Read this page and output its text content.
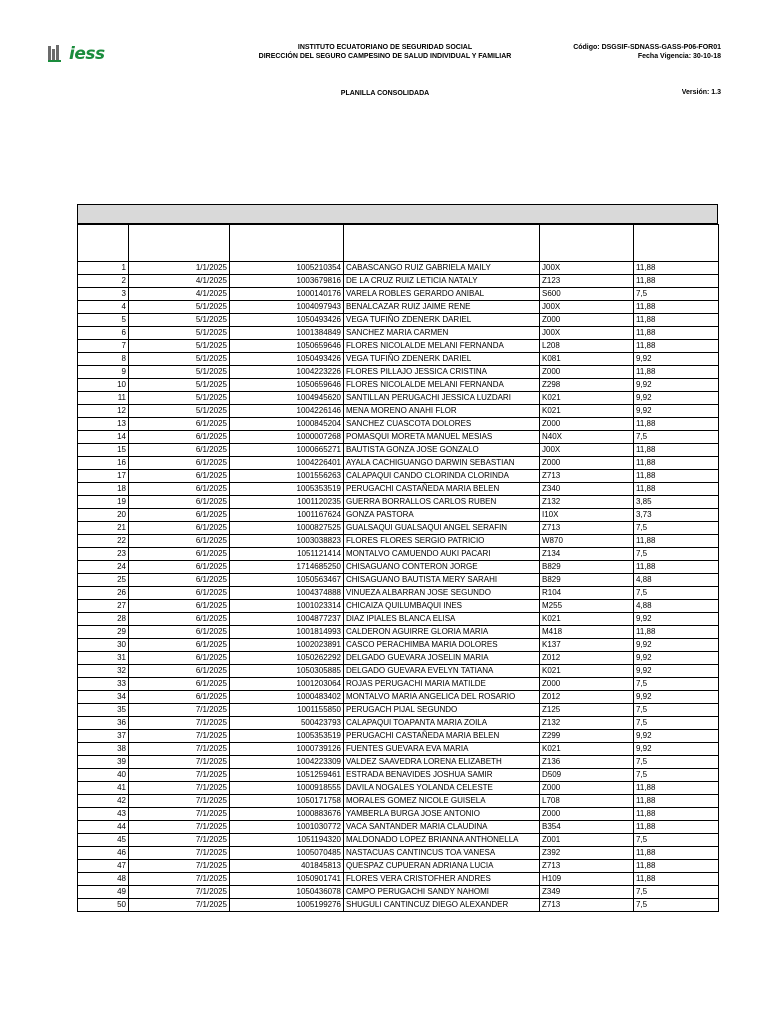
iess	INSTITUTO ECUATORIANO DE SEGURIDAD SOCIAL
DIRECCIÓN DEL SEGURO CAMPESINO DE SALUD INDIVIDUAL Y FAMILIAR
PLANILLA CONSOLIDADA
Código: DSGSIF-SDNASS-GASS-P06-FOR01
Fecha Vigencia: 30-10-18
Versión: 1.3

1	1/1/2025	1005210354	CABASCANGO RUIZ GABRIELA MAILY	J00X	11,88
2	4/1/2025	1003679816	DE LA CRUZ RUIZ LETICIA NATALY	Z123	11,88
3	4/1/2025	1000140176	VARELA ROBLES GERARDO ANIBAL	S600	7,5
4	5/1/2025	1004097943	BENALCAZAR RUIZ JAIME RENE	J00X	11,88
5	5/1/2025	1050493426	VEGA TUFIÑO ZDENERK DARIEL	Z000	11,88
6	5/1/2025	1001384849	SANCHEZ MARIA CARMEN	J00X	11,88
7	5/1/2025	1050659646	FLORES NICOLALDE MELANI FERNANDA	L208	11,88
8	5/1/2025	1050493426	VEGA TUFIÑO ZDENERK DARIEL	K081	9,92
9	5/1/2025	1004223226	FLORES PILLAJO JESSICA CRISTINA	Z000	11,88
10	5/1/2025	1050659646	FLORES NICOLALDE MELANI FERNANDA	Z298	9,92
11	5/1/2025	1004945620	SANTILLAN PERUGACHI JESSICA LUZDARI	K021	9,92
12	5/1/2025	1004226146	MENA MORENO ANAHI FLOR	K021	9,92
13	6/1/2025	1000845204	SANCHEZ CUASCOTA DOLORES	Z000	11,88
14	6/1/2025	1000007268	POMASQUI MORETA MANUEL MESIAS	N40X	7,5
15	6/1/2025	1000665271	BAUTISTA GONZA JOSE GONZALO	J00X	11,88
16	6/1/2025	1004226401	AYALA CACHIGUANGO DARWIN SEBASTIAN	Z000	11,88
17	6/1/2025	1001556263	CALAPAQUI CANDO CLORINDA CLORINDA	Z713	11,88
18	6/1/2025	1005353519	PERUGACHI CASTAÑEDA MARIA BELEN	Z340	11,88
19	6/1/2025	1001120235	GUERRA BORRALLOS CARLOS RUBEN	Z132	3,85
20	6/1/2025	1001167624	GONZA PASTORA	I10X	3,73
21	6/1/2025	1000827525	GUALSAQUI GUALSAQUI ANGEL SERAFIN	Z713	7,5
22	6/1/2025	1003038823	FLORES FLORES SERGIO PATRICIO	W870	11,88
23	6/1/2025	1051121414	MONTALVO CAMUENDO AUKI PACARI	Z134	7,5
24	6/1/2025	1714685250	CHISAGUANO CONTERON JORGE	B829	11,88
25	6/1/2025	1050563467	CHISAGUANO BAUTISTA MERY SARAHI	B829	4,88
26	6/1/2025	1004374888	VINUEZA ALBARRAN JOSE SEGUNDO	R104	7,5
27	6/1/2025	1001023314	CHICAIZA QUILUMBAQUI INES	M255	4,88
28	6/1/2025	1004877237	DIAZ IPIALES BLANCA ELISA	K021	9,92
29	6/1/2025	1001814993	CALDERON AGUIRRE GLORIA MARIA	M418	11,88
30	6/1/2025	1002023891	CASCO PERACHIMBA MARIA DOLORES	K137	9,92
31	6/1/2025	1050262292	DELGADO GUEVARA JOSELIN MARIA	Z012	9,92
32	6/1/2025	1050305885	DELGADO GUEVARA EVELYN TATIANA	K021	9,92
33	6/1/2025	1001203064	ROJAS PERUGACHI MARIA MATILDE	Z000	7,5
34	6/1/2025	1000483402	MONTALVO MARIA ANGELICA DEL ROSARIO	Z012	9,92
35	7/1/2025	1001155850	PERUGACH PIJAL SEGUNDO	Z125	7,5
36	7/1/2025	500423793	CALAPAQUI TOAPANTA MARIA ZOILA	Z132	7,5
37	7/1/2025	1005353519	PERUGACHI CASTAÑEDA MARIA BELEN	Z299	9,92
38	7/1/2025	1000739126	FUENTES GUEVARA EVA MARIA	K021	9,92
39	7/1/2025	1004223309	VALDEZ SAAVEDRA LORENA ELIZABETH	Z136	7,5
40	7/1/2025	1051259461	ESTRADA BENAVIDES JOSHUA SAMIR	D509	7,5
41	7/1/2025	1000918555	DAVILA NOGALES YOLANDA CELESTE	Z000	11,88
42	7/1/2025	1050171758	MORALES GOMEZ NICOLE GUISELA	L708	11,88
43	7/1/2025	1000883676	YAMBERLA BURGA JOSE ANTONIO	Z000	11,88
44	7/1/2025	1001030772	VACA SANTANDER MARIA CLAUDINA	B354	11,88
45	7/1/2025	1051194320	MALDONADO LOPEZ BRIANNA ANTHONELLA	Z001	7,5
46	7/1/2025	1005070485	NASTACUAS CANTINCUS TOA VANESA	Z392	11,88
47	7/1/2025	401845813	QUESPAZ CUPUERAN ADRIANA LUCIA	Z713	11,88
48	7/1/2025	1050901741	FLORES VERA CRISTOFHER ANDRES	H109	11,88
49	7/1/2025	1050436078	CAMPO PERUGACHI SANDY NAHOMI	Z349	7,5
50	7/1/2025	1005199276	SHUGULI CANTINCUZ DIEGO ALEXANDER	Z713	7,5
